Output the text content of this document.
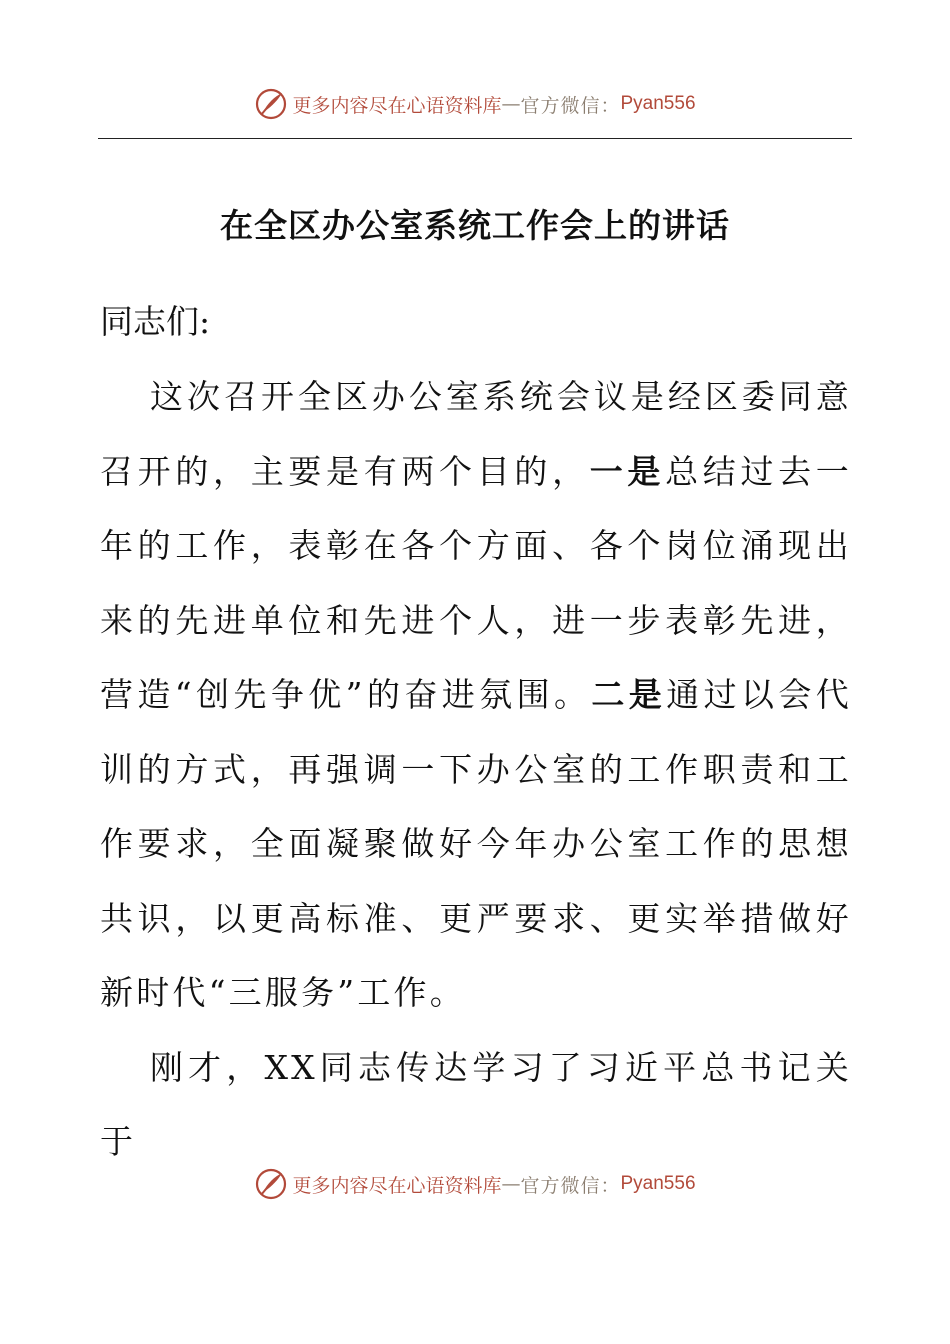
更多内容尽在心语资料库 — 官方微信： Pyan556
在全区办公室系统工作会上的讲话
同志们:

这次召开全区办公室系统会议是经区委同意召开的，主要是有两个目的，一是总结过去一年的工作，表彰在各个方面、各个岗位涌现出来的先进单位和先进个人，进一步表彰先进，营造“创先争优”的奋进氛围。二是通过以会代训的方式，再强调一下办公室的工作职责和工作要求，全面凝聚做好今年办公室工作的思想共识，以更高标准、更严要求、更实举措做好新时代“三服务”工作。

刚才，XX同志传达学习了习近平总书记关于

更多内容尽在心语资料库 — 官方微信： Pyan556
